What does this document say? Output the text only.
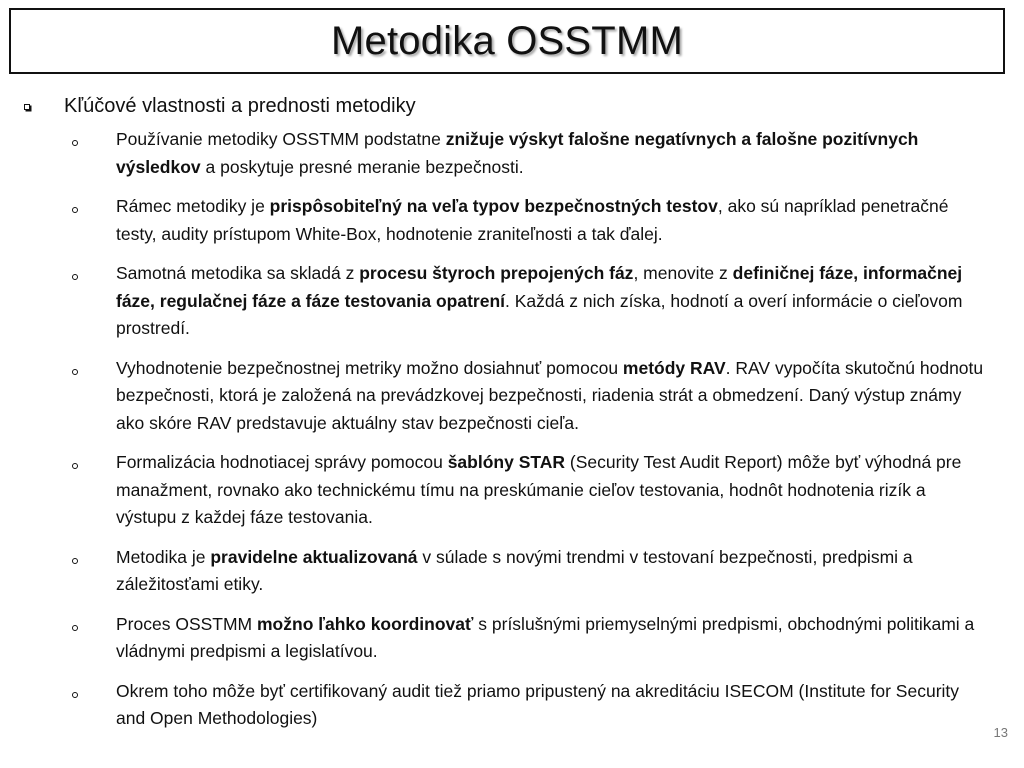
Metodika OSSTMM
Kľúčové vlastnosti a prednosti metodiky
Používanie metodiky OSSTMM podstatne znižuje výskyt falošne negatívnych a falošne pozitívnych výsledkov a poskytuje presné meranie bezpečnosti.
Rámec metodiky je prispôsobiteľný na veľa typov bezpečnostných testov, ako sú napríklad penetračné testy, audity prístupom White-Box, hodnotenie zraniteľnosti a tak ďalej.
Samotná metodika sa skladá z procesu štyroch prepojených fáz, menovite z definičnej fáze, informačnej fáze, regulačnej fáze a fáze testovania opatrení. Každá z nich získa, hodnotí a overí informácie o cieľovom prostredí.
Vyhodnotenie bezpečnostnej metriky možno dosiahnuť pomocou metódy RAV. RAV vypočíta skutočnú hodnotu bezpečnosti, ktorá je založená na prevádzkovej bezpečnosti, riadenia strát a obmedzení. Daný výstup známy ako skóre RAV predstavuje aktuálny stav bezpečnosti cieľa.
Formalizácia hodnotiacej správy pomocou šablóny STAR (Security Test Audit Report) môže byť výhodná pre manažment, rovnako ako technickému tímu na preskúmanie cieľov testovania, hodnôt hodnotenia rizík a výstupu z každej fáze testovania.
Metodika je pravidelne aktualizovaná v súlade s novými trendmi v testovaní bezpečnosti, predpismi a záležitosťami etiky.
Proces OSSTMM možno ľahko koordinovať s príslušnými priemyselnými predpismi, obchodnými politikami a vládnymi predpismi a legislatívou.
Okrem toho môže byť certifikovaný audit tiež priamo pripustený na akreditáciu ISECOM (Institute for Security and Open Methodologies)
13
